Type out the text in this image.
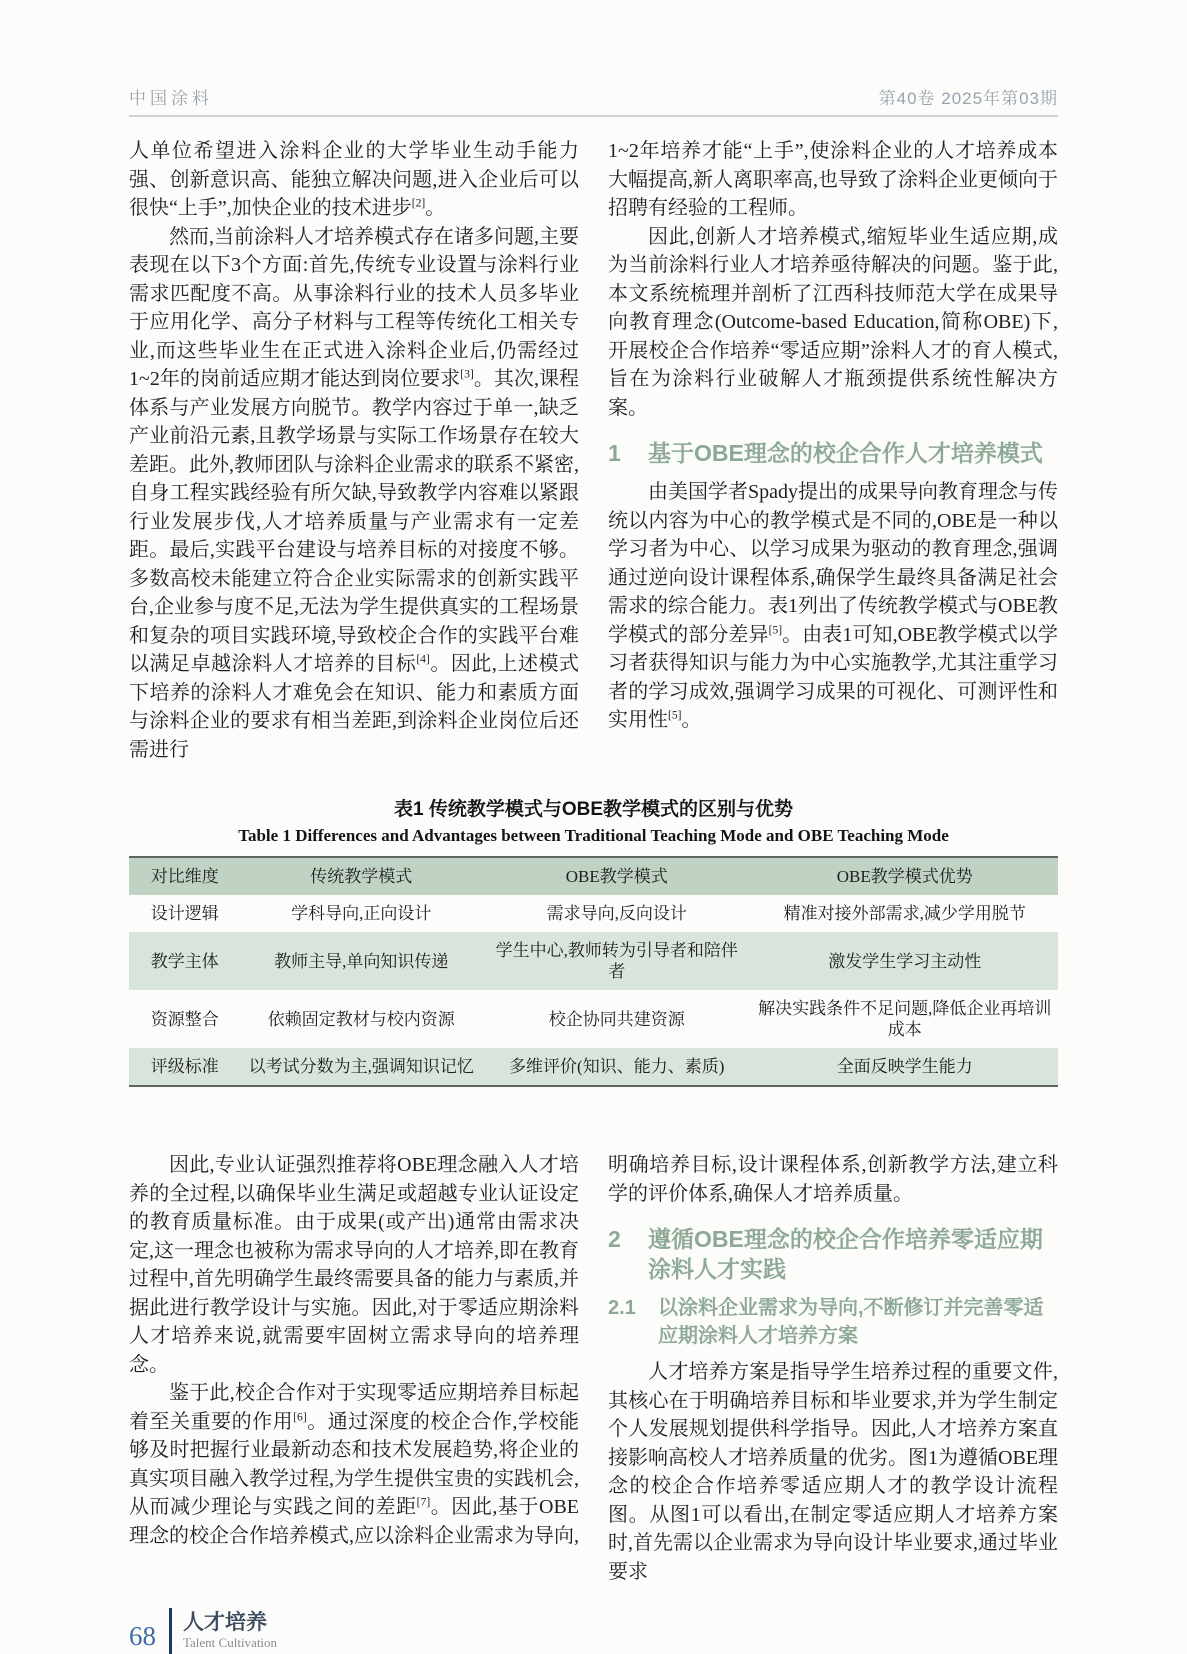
中国涂料	第40卷 2025年第03期

人单位希望进入涂料企业的大学毕业生动手能力强、创新意识高、能独立解决问题,进入企业后可以很快“上手”,加快企业的技术进步[2]。

然而,当前涂料人才培养模式存在诸多问题,主要表现在以下3个方面:首先,传统专业设置与涂料行业需求匹配度不高。从事涂料行业的技术人员多毕业于应用化学、高分子材料与工程等传统化工相关专业,而这些毕业生在正式进入涂料企业后,仍需经过1~2年的岗前适应期才能达到岗位要求[3]。其次,课程体系与产业发展方向脱节。教学内容过于单一,缺乏产业前沿元素,且教学场景与实际工作场景存在较大差距。此外,教师团队与涂料企业需求的联系不紧密,自身工程实践经验有所欠缺,导致教学内容难以紧跟行业发展步伐,人才培养质量与产业需求有一定差距。最后,实践平台建设与培养目标的对接度不够。多数高校未能建立符合企业实际需求的创新实践平台,企业参与度不足,无法为学生提供真实的工程场景和复杂的项目实践环境,导致校企合作的实践平台难以满足卓越涂料人才培养的目标[4]。因此,上述模式下培养的涂料人才难免会在知识、能力和素质方面与涂料企业的要求有相当差距,到涂料企业岗位后还需进行

1~2年培养才能“上手”,使涂料企业的人才培养成本大幅提高,新人离职率高,也导致了涂料企业更倾向于招聘有经验的工程师。

因此,创新人才培养模式,缩短毕业生适应期,成为当前涂料行业人才培养亟待解决的问题。鉴于此,本文系统梳理并剖析了江西科技师范大学在成果导向教育理念(Outcome-based Education,简称OBE)下,开展校企合作培养“零适应期”涂料人才的育人模式,旨在为涂料行业破解人才瓶颈提供系统性解决方案。

1	基于OBE理念的校企合作人才培养模式

由美国学者Spady提出的成果导向教育理念与传统以内容为中心的教学模式是不同的,OBE是一种以学习者为中心、以学习成果为驱动的教育理念,强调通过逆向设计课程体系,确保学生最终具备满足社会需求的综合能力。表1列出了传统教学模式与OBE教学模式的部分差异[5]。由表1可知,OBE教学模式以学习者获得知识与能力为中心实施教学,尤其注重学习者的学习成效,强调学习成果的可视化、可测评性和实用性[5]。

表1 传统教学模式与OBE教学模式的区别与优势
Table 1 Differences and Advantages between Traditional Teaching Mode and OBE Teaching Mode
对比维度	传统教学模式	OBE教学模式	OBE教学模式优势
设计逻辑	学科导向,正向设计	需求导向,反向设计	精准对接外部需求,减少学用脱节
教学主体	教师主导,单向知识传递	学生中心,教师转为引导者和陪伴者	激发学生学习主动性
资源整合	依赖固定教材与校内资源	校企协同共建资源	解决实践条件不足问题,降低企业再培训成本
评级标准	以考试分数为主,强调知识记忆	多维评价(知识、能力、素质)	全面反映学生能力

因此,专业认证强烈推荐将OBE理念融入人才培养的全过程,以确保毕业生满足或超越专业认证设定的教育质量标准。由于成果(或产出)通常由需求决定,这一理念也被称为需求导向的人才培养,即在教育过程中,首先明确学生最终需要具备的能力与素质,并据此进行教学设计与实施。因此,对于零适应期涂料人才培养来说,就需要牢固树立需求导向的培养理念。

鉴于此,校企合作对于实现零适应期培养目标起着至关重要的作用[6]。通过深度的校企合作,学校能够及时把握行业最新动态和技术发展趋势,将企业的真实项目融入教学过程,为学生提供宝贵的实践机会,从而减少理论与实践之间的差距[7]。因此,基于OBE理念的校企合作培养模式,应以涂料企业需求为导向,

明确培养目标,设计课程体系,创新教学方法,建立科学的评价体系,确保人才培养质量。

2	遵循OBE理念的校企合作培养零适应期涂料人才实践
2.1	以涂料企业需求为导向,不断修订并完善零适应期涂料人才培养方案

人才培养方案是指导学生培养过程的重要文件,其核心在于明确培养目标和毕业要求,并为学生制定个人发展规划提供科学指导。因此,人才培养方案直接影响高校人才培养质量的优劣。图1为遵循OBE理念的校企合作培养零适应期人才的教学设计流程图。从图1可以看出,在制定零适应期人才培养方案时,首先需以企业需求为导向设计毕业要求,通过毕业要求

68 人才培养
Talent Cultivation
